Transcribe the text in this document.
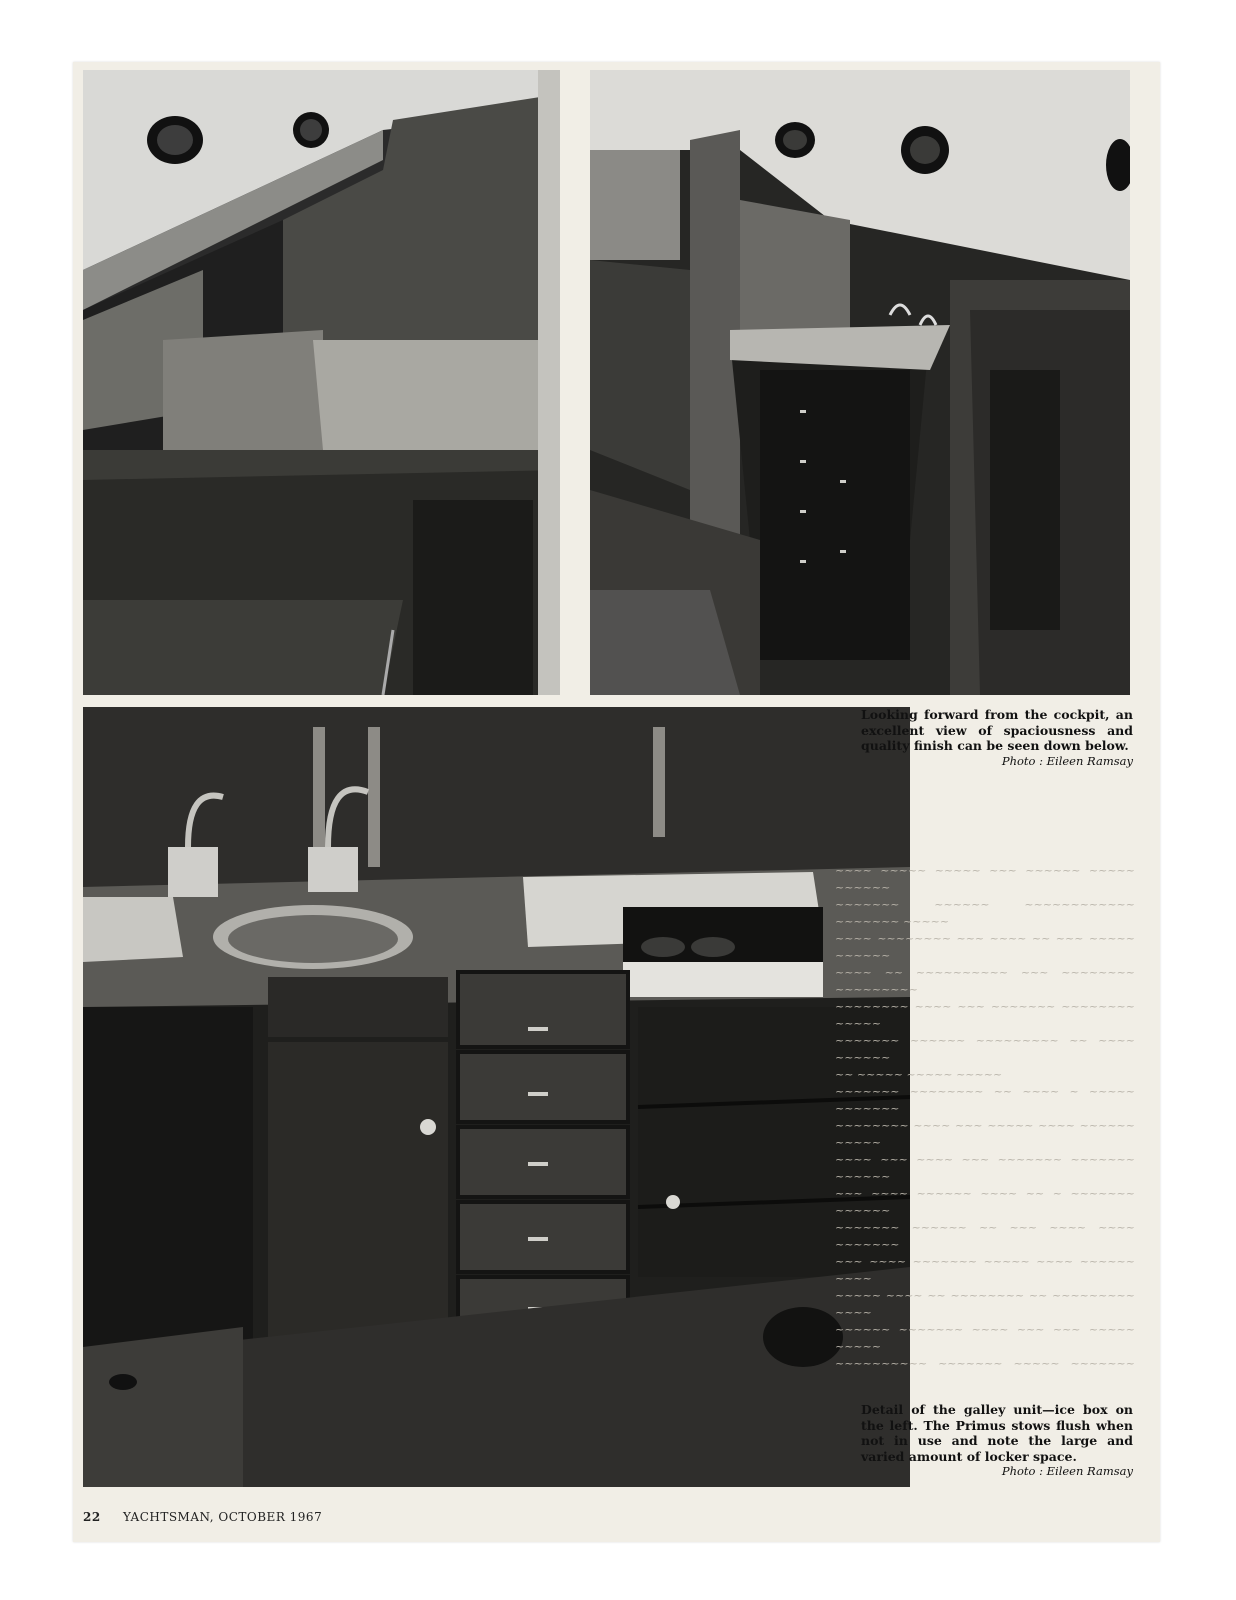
~~~~ ~~~~~ ~~~~~ ~~~ ~~~~~~ ~~~~~ ~~~~~~
~~~~~~~ ~~~~~~ ~~~~~~~~~~~~ ~~~~~~~ ~~~~~
~~~~ ~~~~~~~~ ~~~ ~~~~ ~~ ~~~ ~~~~~ ~~~~~~
~~~~ ~~ ~~~~~~~~~~ ~~~ ~~~~~~~~ ~~~~~~~~~
~~~~~~~~ ~~~~ ~~~ ~~~~~~~ ~~~~~~~~ ~~~~~
~~~~~~~ ~~~~~~ ~~~~~~~~~ ~~ ~~~~ ~~~~~~
~~ ~~~~~ ~~~~~ ~~~~~
~~~~~~~ ~~~~~~~~ ~~ ~~~~ ~ ~~~~~ ~~~~~~~
~~~~~~~~ ~~~~ ~~~ ~~~~~ ~~~~ ~~~~~~ ~~~~~
~~~~ ~~~ ~~~~ ~~~ ~~~~~~~ ~~~~~~~ ~~~~~~
~~~ ~~~~ ~~~~~~ ~~~~ ~~ ~ ~~~~~~~ ~~~~~~
~~~~~~~ ~~~~~~ ~~ ~~~ ~~~~ ~~~~ ~~~~~~~
~~~ ~~~~ ~~~~~~~ ~~~~~ ~~~~ ~~~~~~ ~~~~
~~~~~ ~~~~ ~~ ~~~~~~~~ ~~ ~~~~~~~~~ ~~~~
~~~~~~ ~~~~~~~ ~~~~ ~~~ ~~~ ~~~~~ ~~~~~
~~~~~~~~~~ ~~~~~~~ ~~~~~ ~~~~~~~
Looking forward from the cockpit, an excellent view of spaciousness and quality finish can be seen down below.
Photo : Eileen Ramsay
Detail of the galley unit—ice box on the left. The Primus stows flush when not in use and note the large and varied amount of locker space.
Photo : Eileen Ramsay
22 YACHTSMAN, OCTOBER 1967
